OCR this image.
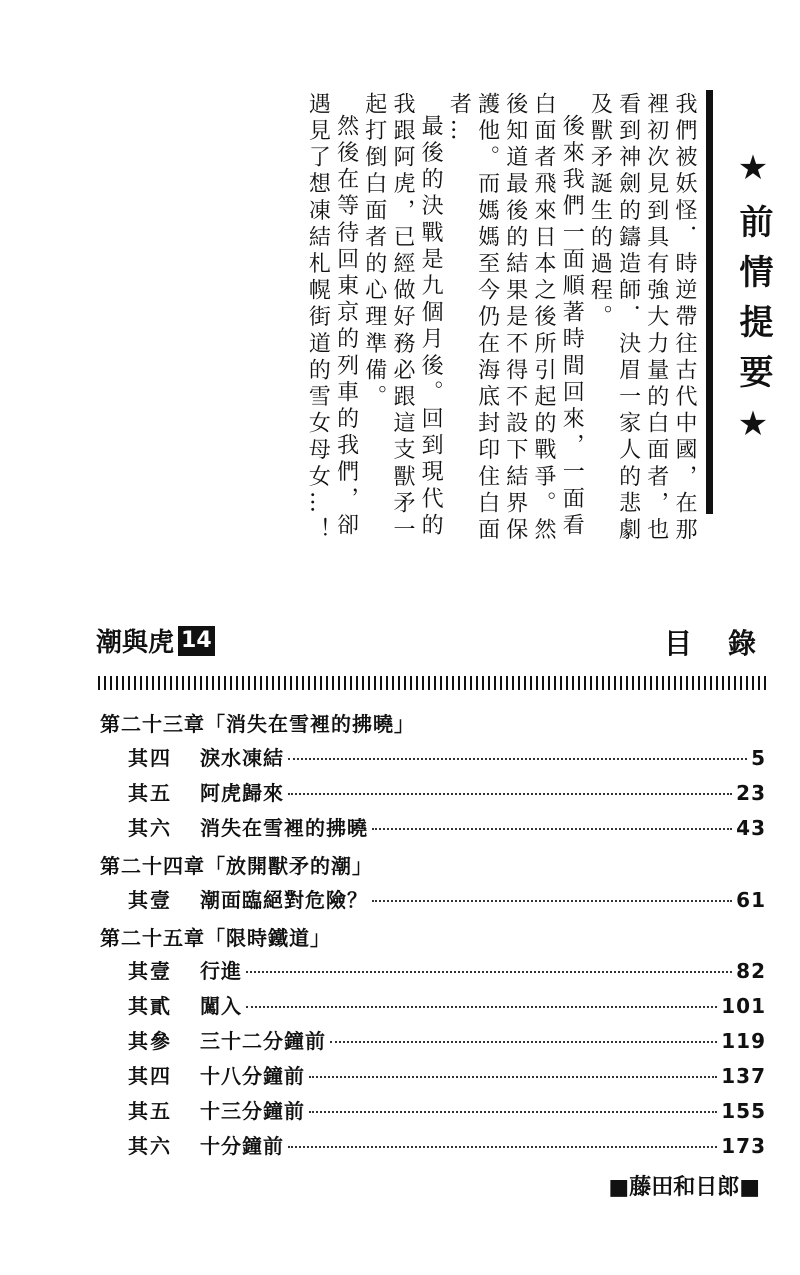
★前情提要★

我們被妖怪．時逆帶往古代中國，在那裡初次見到具有強大力量的白面者，也看到神劍的鑄造師．決眉一家人的悲劇及獸矛誕生的過程。

後來我們一面順著時間回來，一面看白面者飛來日本之後所引起的戰爭。然後知道最後的結果是不得不設下結界保護他。而媽媽至今仍在海底封印住白面者…

最後的決戰是九個月後。回到現代的我跟阿虎，已經做好務必跟這支獸矛一起打倒白面者的心理準備。

然後在等待回東京的列車的我們，卻遇見了想凍結札幌街道的雪女母女…！

潮與虎 14	目錄
第二十三章「消失在雪裡的拂曉」
其四	淚水凍結	5
其五	阿虎歸來	23
其六	消失在雪裡的拂曉	43
第二十四章「放開獸矛的潮」
其壹	潮面臨絕對危險？	61
第二十五章「限時鐵道」
其壹	行進	82
其貳	闖入	101
其參	三十二分鐘前	119
其四	十八分鐘前	137
其五	十三分鐘前	155
其六	十分鐘前	173
■藤田和日郎■
